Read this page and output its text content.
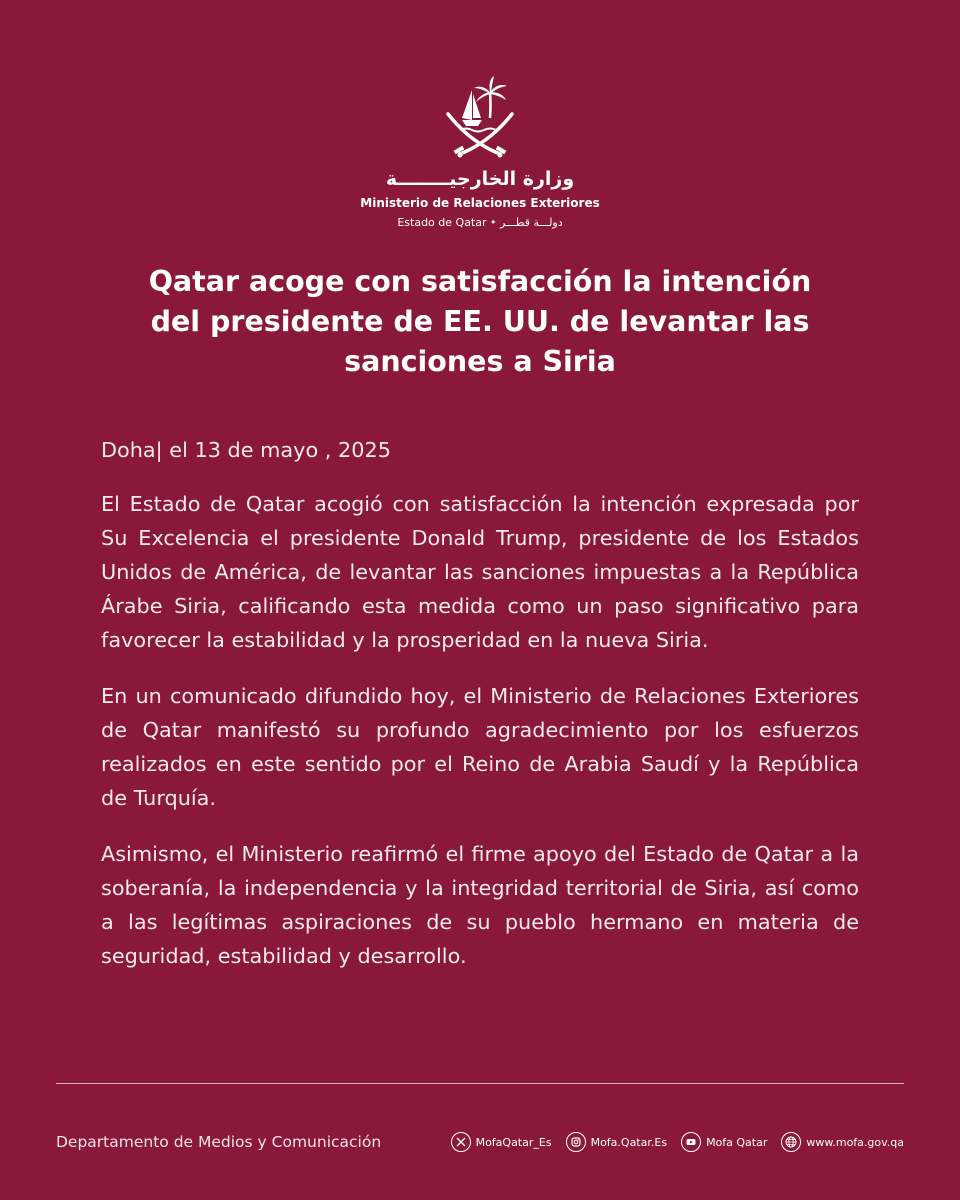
وزارة الخارجيــــــــة
Ministerio de Relaciones Exteriores
Estado de Qatar • دولـــة قطـــر
Qatar acoge con satisfacción la intención
del presidente de EE. UU. de levantar las
sanciones a Siria

Doha| el 13 de mayo , 2025

El Estado de Qatar acogió con satisfacción la intención expresada por Su Excelencia el presidente Donald Trump, presidente de los Estados Unidos de América, de levantar las sanciones impuestas a la República Árabe Siria, calificando esta medida como un paso significativo para favorecer la estabilidad y la prosperidad en la nueva Siria.

En un comunicado difundido hoy, el Ministerio de Relaciones Exteriores de Qatar manifestó su profundo agradecimiento por los esfuerzos realizados en este sentido por el Reino de Arabia Saudí y la República de Turquía.

Asimismo, el Ministerio reafirmó el firme apoyo del Estado de Qatar a la soberanía, la independencia y la integridad territorial de Siria, así como a las legítimas aspiraciones de su pueblo hermano en materia de seguridad, estabilidad y desarrollo.

Departamento de Medios y Comunicación	MofaQatar_Es	Mofa.Qatar.Es	Mofa Qatar	www.mofa.gov.qa
